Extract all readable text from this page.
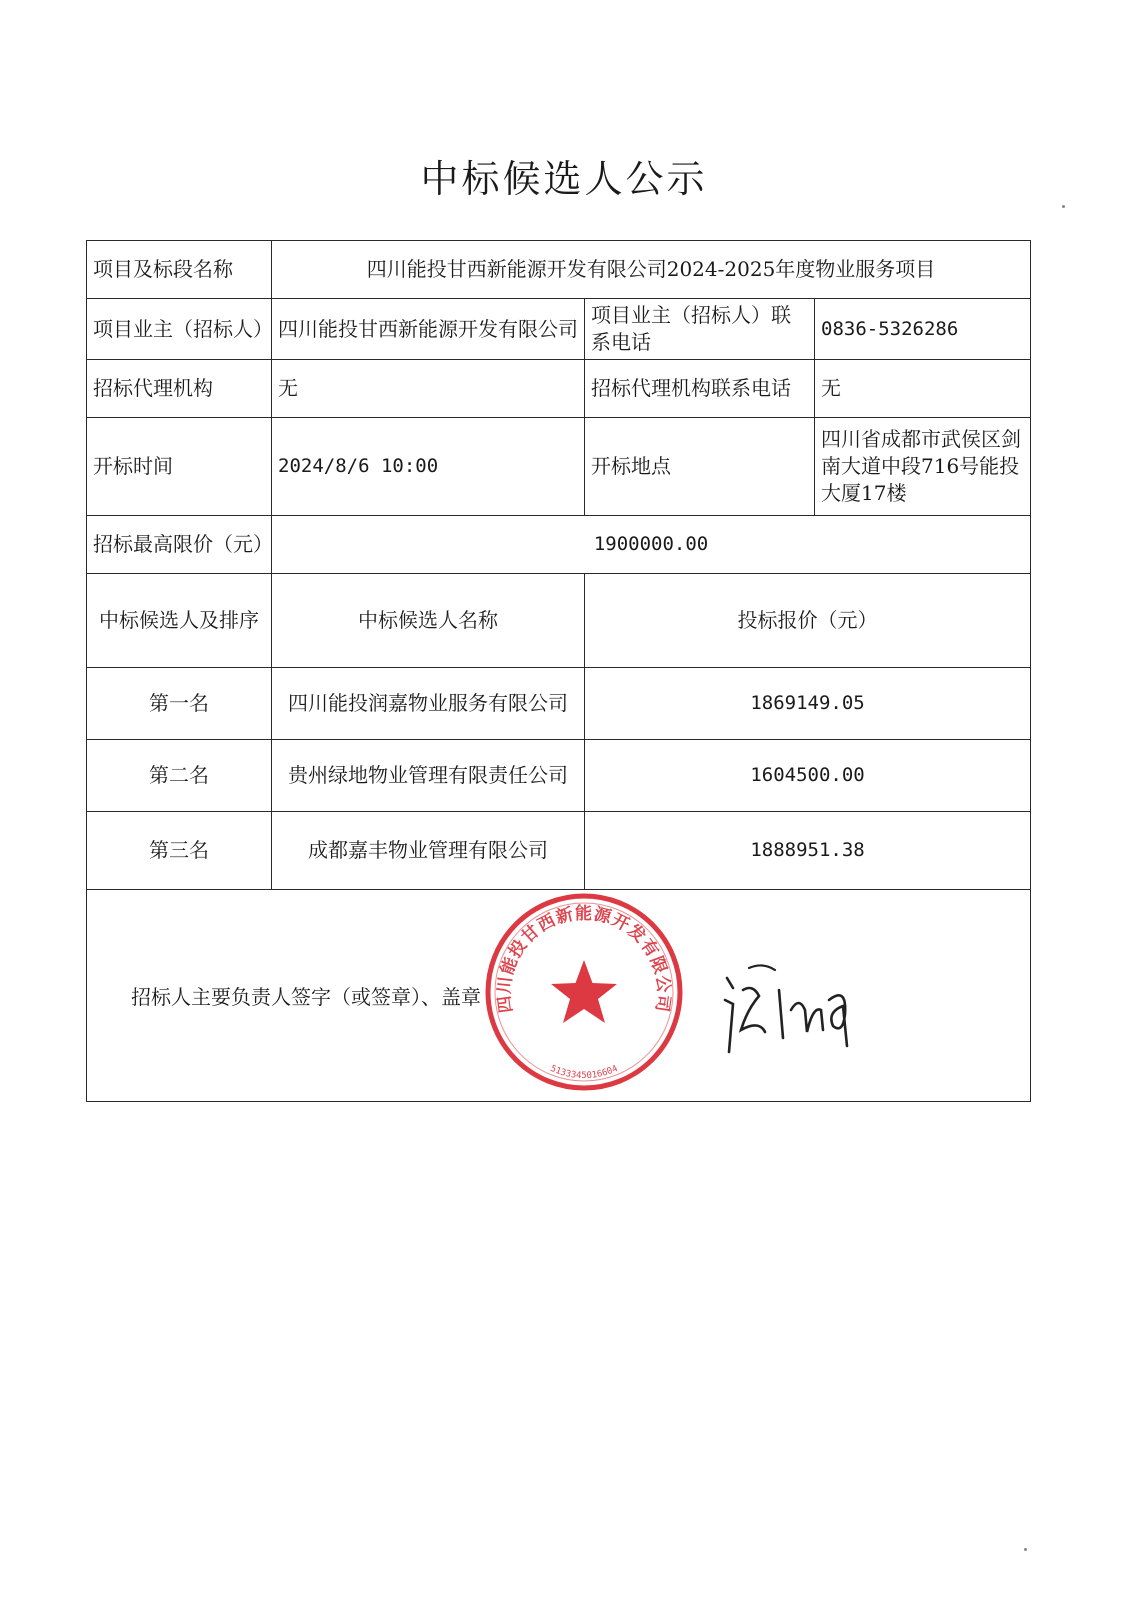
中标候选人公示
项目及标段名称	四川能投甘西新能源开发有限公司2024-2025年度物业服务项目		
项目业主（招标人）	四川能投甘西新能源开发有限公司	项目业主（招标人）联系电话	0836-5326286
招标代理机构	无	招标代理机构联系电话	无
开标时间	2024/8/6 10:00	开标地点	四川省成都市武侯区剑南大道中段716号能投大厦17楼
招标最高限价（元）	1900000.00		
中标候选人及排序	中标候选人名称	投标报价（元）	
第一名	四川能投润嘉物业服务有限公司	1869149.05	
第二名	贵州绿地物业管理有限责任公司	1604500.00	
第三名	成都嘉丰物业管理有限公司	1888951.38	

招标人主要负责人签字（或签章）、盖章 四川能投甘西新能源开发有限公司
5133345016604			
